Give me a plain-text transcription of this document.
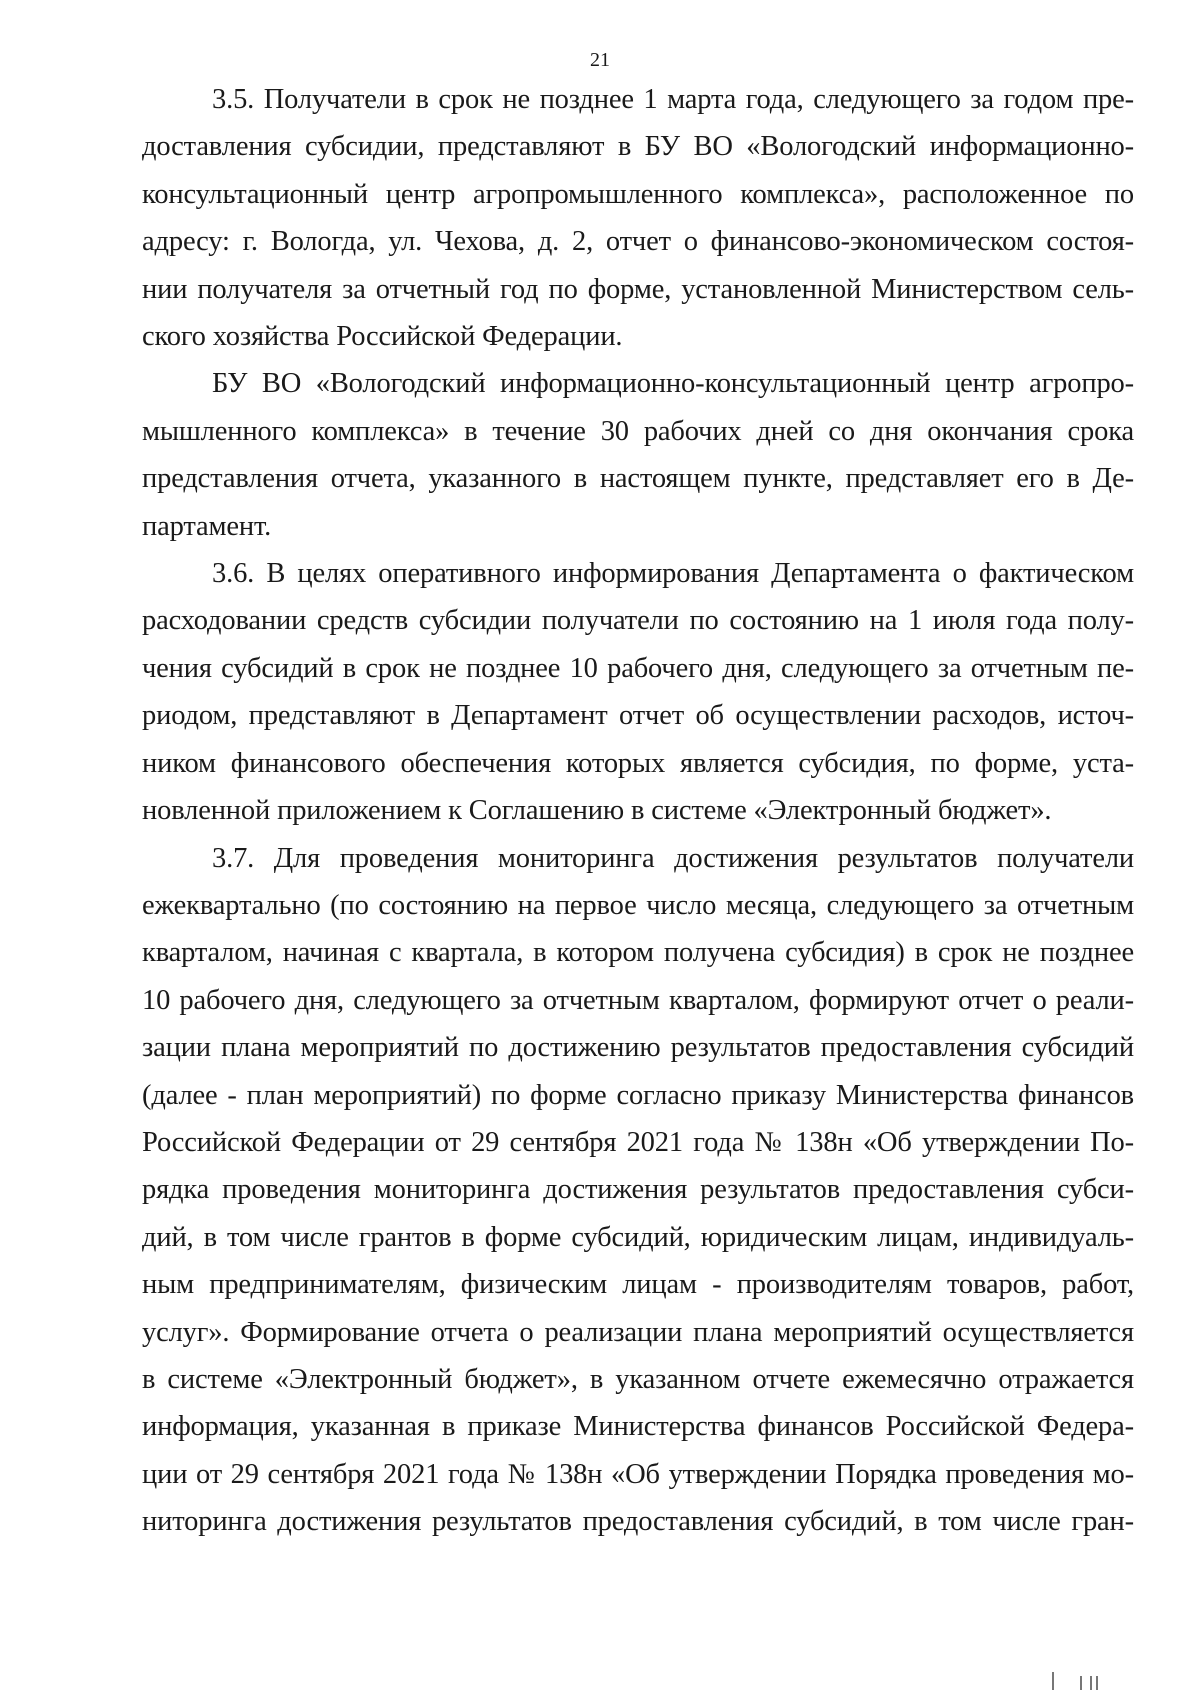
21
3.5. Получатели в срок не позднее 1 марта года, следующего за годом пре-
доставления субсидии, представляют в БУ ВО «Вологодский информационно-
консультационный центр агропромышленного комплекса», расположенное по
адресу: г. Вологда, ул. Чехова, д. 2, отчет о финансово-экономическом состоя-
нии получателя за отчетный год по форме, установленной Министерством сель-
ского хозяйства Российской Федерации.
БУ ВО «Вологодский информационно-консультационный центр агропро-
мышленного комплекса» в течение 30 рабочих дней со дня окончания срока
представления отчета, указанного в настоящем пункте, представляет его в Де-
партамент.
3.6. В целях оперативного информирования Департамента о фактическом
расходовании средств субсидии получатели по состоянию на 1 июля года полу-
чения субсидий в срок не позднее 10 рабочего дня, следующего за отчетным пе-
риодом, представляют в Департамент отчет об осуществлении расходов, источ-
ником финансового обеспечения которых является субсидия, по форме, уста-
новленной приложением к Соглашению в системе «Электронный бюджет».
3.7. Для проведения мониторинга достижения результатов получатели
ежеквартально (по состоянию на первое число месяца, следующего за отчетным
кварталом, начиная с квартала, в котором получена субсидия) в срок не позднее
10 рабочего дня, следующего за отчетным кварталом, формируют отчет о реали-
зации плана мероприятий по достижению результатов предоставления субсидий
(далее - план мероприятий) по форме согласно приказу Министерства финансов
Российской Федерации от 29 сентября 2021 года № 138н «Об утверждении По-
рядка проведения мониторинга достижения результатов предоставления субси-
дий, в том числе грантов в форме субсидий, юридическим лицам, индивидуаль-
ным предпринимателям, физическим лицам - производителям товаров, работ,
услуг». Формирование отчета о реализации плана мероприятий осуществляется
в системе «Электронный бюджет», в указанном отчете ежемесячно отражается
информация, указанная в приказе Министерства финансов Российской Федера-
ции от 29 сентября 2021 года № 138н «Об утверждении Порядка проведения мо-
ниторинга достижения результатов предоставления субсидий, в том числе гран-
